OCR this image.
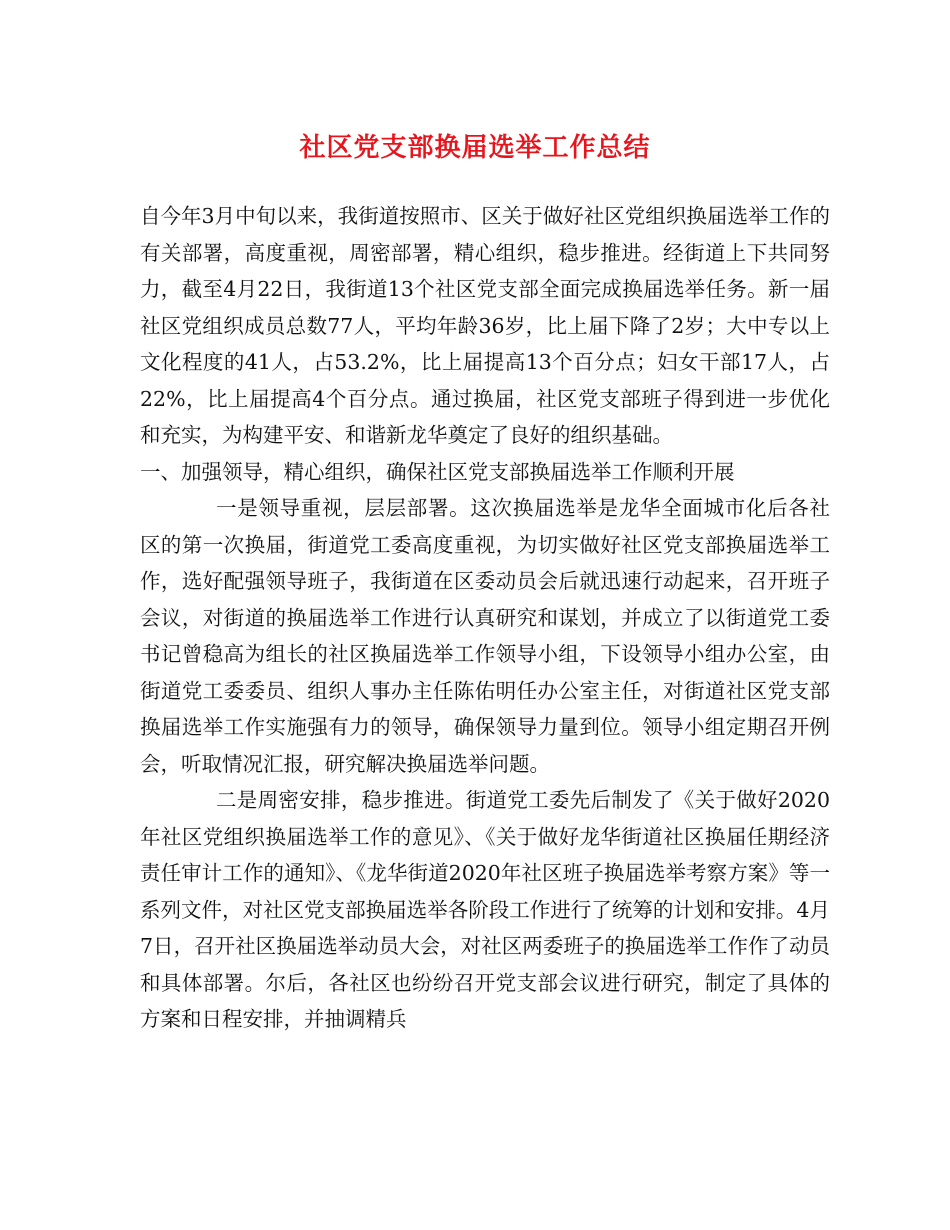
社区党支部换届选举工作总结

自今年3月中旬以来，我街道按照市、区关于做好社区党组织换届选举工作的有关部署，高度重视，周密部署，精心组织，稳步推进。经街道上下共同努力，截至4月22日，我街道13个社区党支部全面完成换届选举任务。新一届社区党组织成员总数77人，平均年龄36岁，比上届下降了2岁；大中专以上文化程度的41人，占53.2%，比上届提高13个百分点；妇女干部17人，占22%，比上届提高4个百分点。通过换届，社区党支部班子得到进一步优化和充实，为构建平安、和谐新龙华奠定了良好的组织基础。

一、加强领导，精心组织，确保社区党支部换届选举工作顺利开展

一是领导重视，层层部署。这次换届选举是龙华全面城市化后各社区的第一次换届，街道党工委高度重视，为切实做好社区党支部换届选举工作，选好配强领导班子，我街道在区委动员会后就迅速行动起来，召开班子会议，对街道的换届选举工作进行认真研究和谋划，并成立了以街道党工委书记曾稳高为组长的社区换届选举工作领导小组，下设领导小组办公室，由街道党工委委员、组织人事办主任陈佑明任办公室主任，对街道社区党支部换届选举工作实施强有力的领导，确保领导力量到位。领导小组定期召开例会，听取情况汇报，研究解决换届选举问题。

二是周密安排，稳步推进。街道党工委先后制发了《关于做好2020年社区党组织换届选举工作的意见》、《关于做好龙华街道社区换届任期经济责任审计工作的通知》、《龙华街道2020年社区班子换届选举考察方案》等一系列文件，对社区党支部换届选举各阶段工作进行了统筹的计划和安排。4月7日，召开社区换届选举动员大会，对社区两委班子的换届选举工作作了动员和具体部署。尔后，各社区也纷纷召开党支部会议进行研究，制定了具体的方案和日程安排，并抽调精兵
